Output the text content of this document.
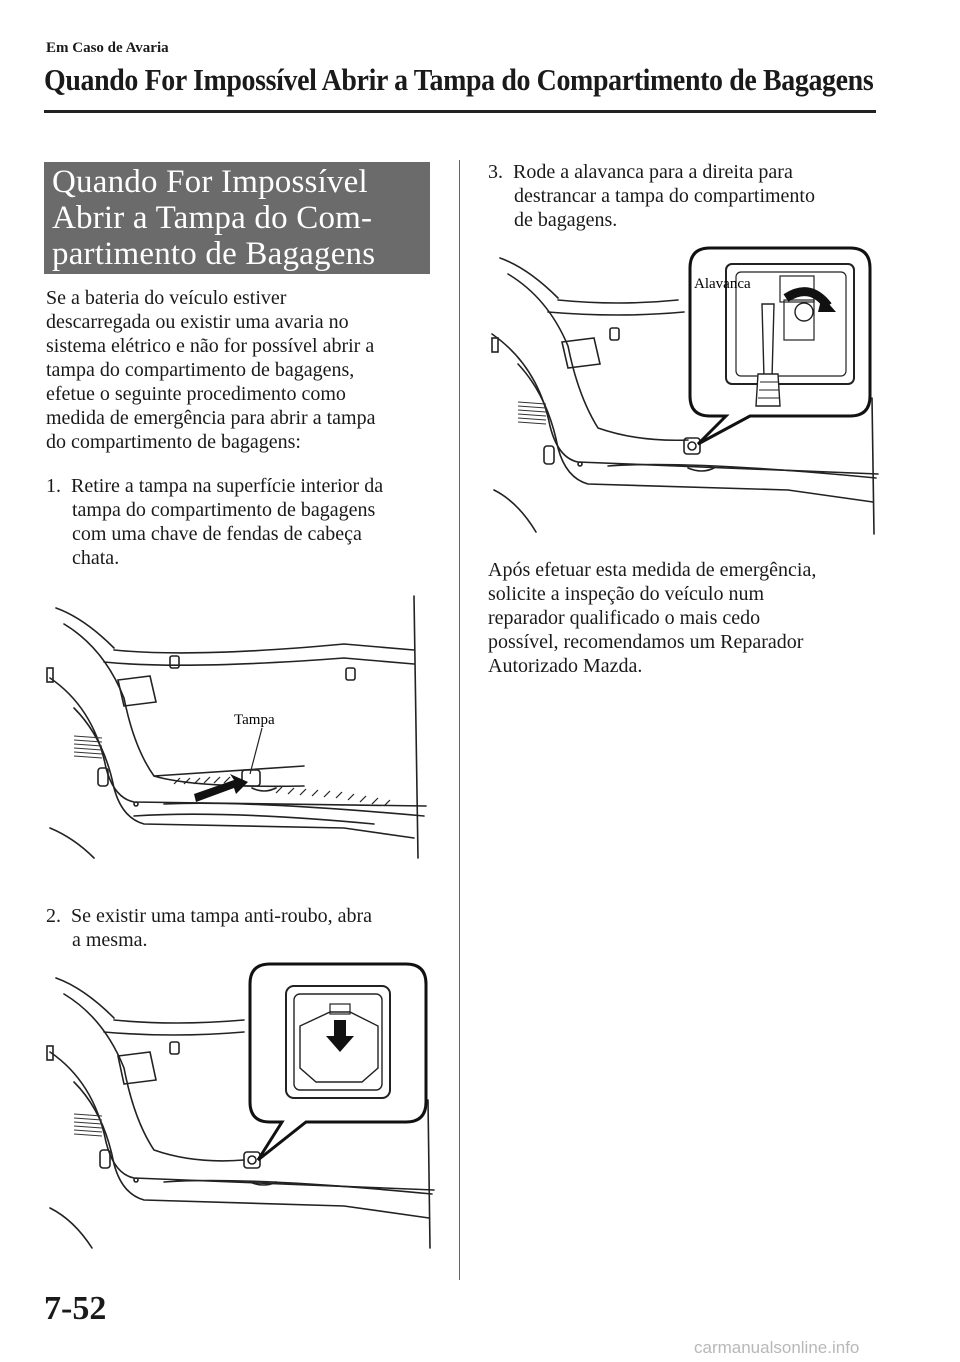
Em Caso de Avaria
Quando For Impossível Abrir a Tampa do Compartimento de Bagagens
Quando For Impossível
Abrir a Tampa do Com-
partimento de Bagagens
Se a bateria do veículo estiver
descarregada ou existir uma avaria no
sistema elétrico e não for possível abrir a
tampa do compartimento de bagagens,
efetue o seguinte procedimento como
medida de emergência para abrir a tampa
do compartimento de bagagens:
1. Retire a tampa na superfície interior da
tampa do compartimento de bagagens
com uma chave de fendas de cabeça
chata.
Tampa
2. Se existir uma tampa anti-roubo, abra
a mesma.
3. Rode a alavanca para a direita para
destrancar a tampa do compartimento
de bagagens.
Alavanca
Após efetuar esta medida de emergência,
solicite a inspeção do veículo num
reparador qualificado o mais cedo
possível, recomendamos um Reparador
Autorizado Mazda.
7-52
carmanualsonline.info
